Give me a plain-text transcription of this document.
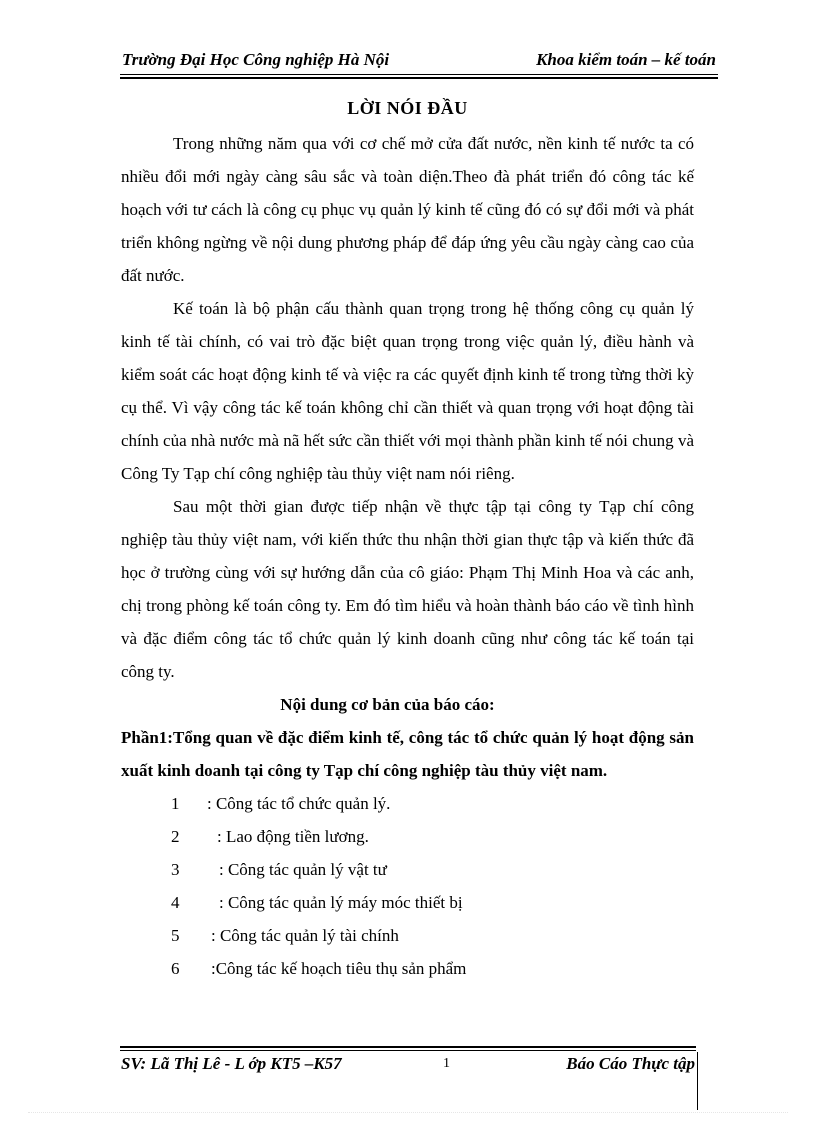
Trường Đại Học Công nghiệp Hà Nội	Khoa kiểm toán – kế toán

LỜI NÓI ĐẦU

Trong những năm qua với cơ chế mở cửa đất nước, nền kinh tế nước ta có nhiều đổi mới ngày càng sâu sắc và toàn diện.Theo đà phát triển đó công tác kế hoạch với tư cách là công cụ phục vụ quản lý kinh tế cũng đó có sự đổi mới và phát triển không ngừng về nội dung phương pháp để đáp ứng yêu cầu ngày càng cao của đất nước.

Kế toán là bộ phận cấu thành quan trọng trong hệ thống công cụ quản lý kinh tế tài chính, có vai trò đặc biệt quan trọng trong việc quản lý, điều hành và kiểm soát các hoạt động kinh tế và việc ra các quyết định kinh tế trong từng thời kỳ cụ thể. Vì vậy công tác kế toán không chỉ cần thiết và quan trọng với hoạt động tài chính của nhà nước mà nã hết sức cần thiết với mọi thành phần kinh tế nói chung và Công Ty Tạp chí công nghiệp tàu thủy việt nam nói riêng.

Sau một thời gian được tiếp nhận về thực tập tại công ty Tạp chí công nghiệp tàu thủy việt nam, với kiến thức thu nhận thời gian thực tập và kiến thức đã học ở trường cùng với sự hướng dẫn của cô giáo: Phạm Thị Minh Hoa và các anh, chị trong phòng kế toán công ty. Em đó tìm hiểu và hoàn thành báo cáo về tình hình và đặc điểm công tác tổ chức quản lý kinh doanh cũng như công tác kế toán tại công ty.

Nội dung cơ bản của báo cáo:

Phần1:Tổng quan về đặc điểm kinh tế, công tác tổ chức quản lý hoạt động sản xuất kinh doanh tại công ty Tạp chí công nghiệp tàu thủy việt nam.

1 : Công tác tổ chức quản lý.
2 : Lao động tiền lương.
3 : Công tác quản lý vật tư
4 : Công tác quản lý máy móc thiết bị
5 : Công tác quản lý tài chính
6 :Công tác kế hoạch tiêu thụ sản phẩm
SV: Lã Thị Lê - L ớp KT5 –K57	1	Báo Cáo Thực tập
